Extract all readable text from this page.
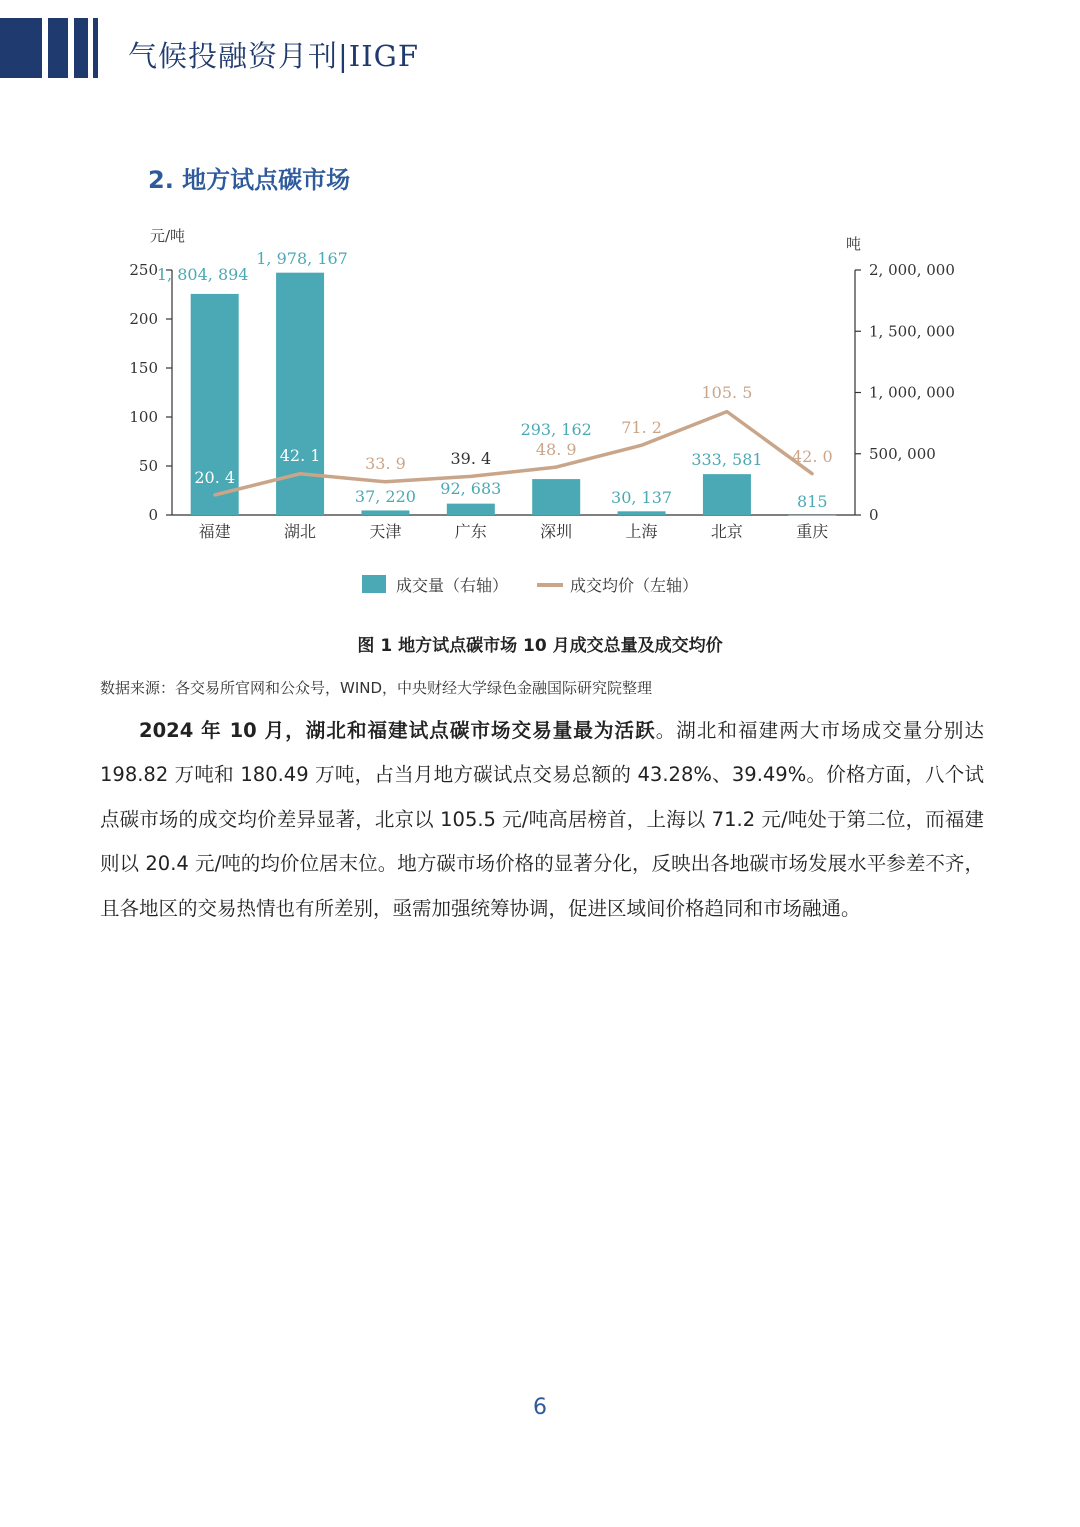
气候投融资月刊|IIGF
2. 地方试点碳市场
元/吨	吨
0
50
100
150
200
250
0
500, 000
1, 000, 000
1, 500, 000
2, 000, 000
1, 804, 894
1, 978, 167
37, 220 92, 683
293, 162
30, 137
333, 581
815
20. 4
42. 1	33. 9	39. 4	48. 9
71. 2
105. 5
42. 0
福建	湖北	天津	广东	深圳	上海	北京	重庆
成交量（右轴）	成交均价（左轴）
图 1 地方试点碳市场 10 月成交总量及成交均价
数据来源：各交易所官网和公众号，WIND，中央财经大学绿色金融国际研究院整理

2024 年 10 月，湖北和福建试点碳市场交易量最为活跃。湖北和福建两大市场成交量分别达 198.82 万吨和 180.49 万吨，占当月地方碳试点交易总额的 43.28%、39.49%。价格方面，八个试点碳市场的成交均价差异显著，北京以 105.5 元/吨高居榜首，上海以 71.2 元/吨处于第二位，而福建则以 20.4 元/吨的均价位居末位。地方碳市场价格的显著分化，反映出各地碳市场发展水平参差不齐，且各地区的交易热情也有所差别，亟需加强统筹协调，促进区域间价格趋同和市场融通。

6
